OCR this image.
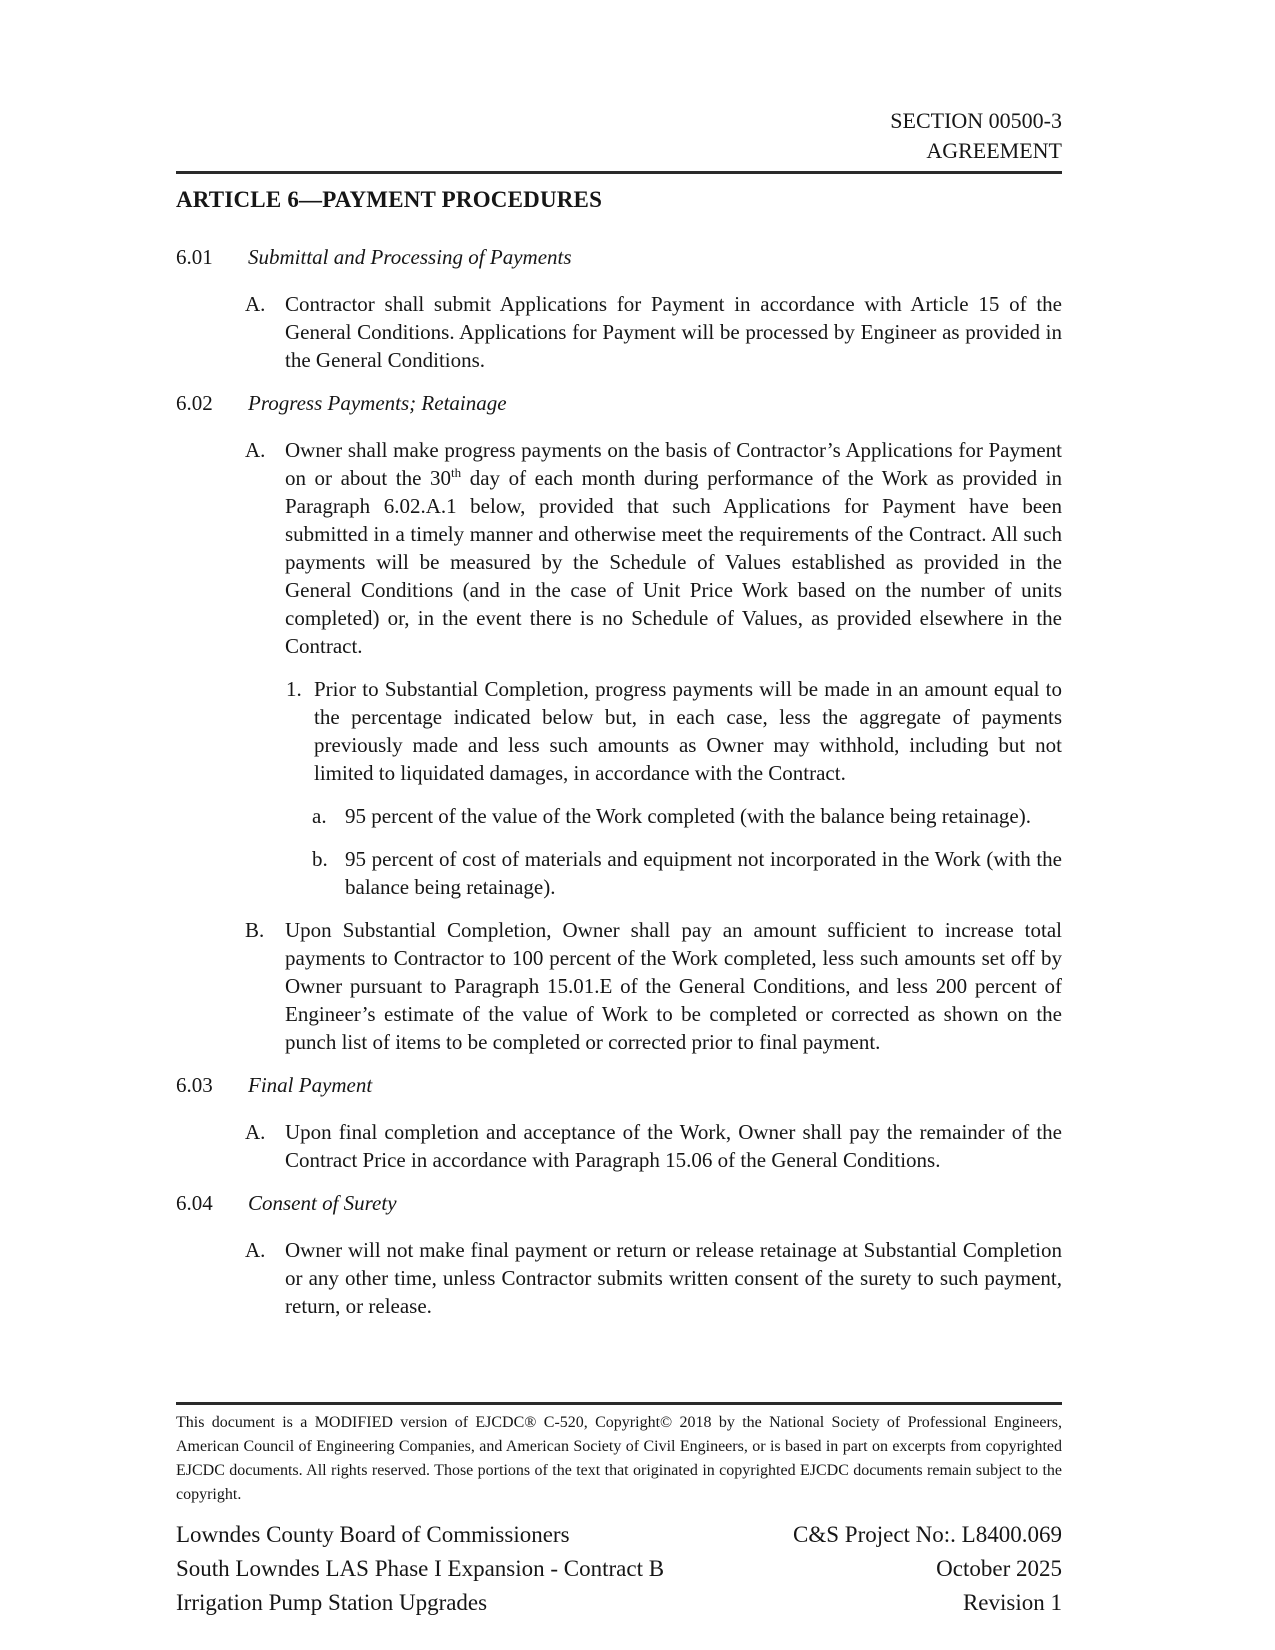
SECTION 00500-3
AGREEMENT
ARTICLE 6—PAYMENT PROCEDURES
6.01	Submittal and Processing of Payments
A. Contractor shall submit Applications for Payment in accordance with Article 15 of the General Conditions. Applications for Payment will be processed by Engineer as provided in the General Conditions.
6.02	Progress Payments; Retainage
A. Owner shall make progress payments on the basis of Contractor’s Applications for Payment on or about the 30th day of each month during performance of the Work as provided in Paragraph 6.02.A.1 below, provided that such Applications for Payment have been submitted in a timely manner and otherwise meet the requirements of the Contract. All such payments will be measured by the Schedule of Values established as provided in the General Conditions (and in the case of Unit Price Work based on the number of units completed) or, in the event there is no Schedule of Values, as provided elsewhere in the Contract.
1. Prior to Substantial Completion, progress payments will be made in an amount equal to the percentage indicated below but, in each case, less the aggregate of payments previously made and less such amounts as Owner may withhold, including but not limited to liquidated damages, in accordance with the Contract.
a. 95 percent of the value of the Work completed (with the balance being retainage).
b. 95 percent of cost of materials and equipment not incorporated in the Work (with the balance being retainage).
B. Upon Substantial Completion, Owner shall pay an amount sufficient to increase total payments to Contractor to 100 percent of the Work completed, less such amounts set off by Owner pursuant to Paragraph 15.01.E of the General Conditions, and less 200 percent of Engineer’s estimate of the value of Work to be completed or corrected as shown on the punch list of items to be completed or corrected prior to final payment.
6.03	Final Payment
A. Upon final completion and acceptance of the Work, Owner shall pay the remainder of the Contract Price in accordance with Paragraph 15.06 of the General Conditions.
6.04	Consent of Surety
A. Owner will not make final payment or return or release retainage at Substantial Completion or any other time, unless Contractor submits written consent of the surety to such payment, return, or release.

This document is a MODIFIED version of EJCDC® C-520, Copyright© 2018 by the National Society of Professional Engineers, American Council of Engineering Companies, and American Society of Civil Engineers, or is based in part on excerpts from copyrighted EJCDC documents. All rights reserved. Those portions of the text that originated in copyrighted EJCDC documents remain subject to the copyright.

Lowndes County Board of Commissioners
South Lowndes LAS Phase I Expansion - Contract B
Irrigation Pump Station Upgrades
C&S Project No:. L8400.069
October 2025
Revision 1
